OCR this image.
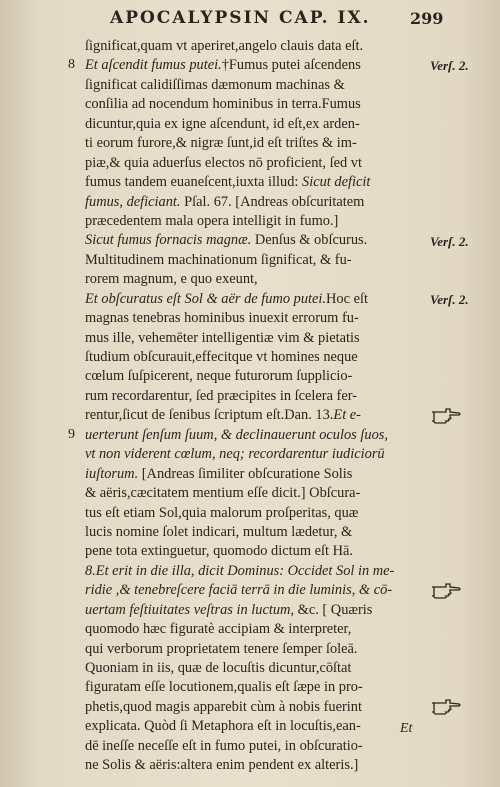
APOCALYPSIN CAP. IX. 299
ſignificat,quam vt aperiret,angelo clauis data eſt.
Et aſcendit fumus putei.†Fumus putei aſcendens
ſignificat calidiſſimas dæmonum machinas &
conſilia ad nocendum hominibus in terra.Fumus
dicuntur,quia ex igne aſcendunt, id eſt,ex arden-
ti eorum furore,& nigræ ſunt,id eſt triſtes & im-
piæ,& quia aduerſus electos nō proficient, ſed vt
fumus tandem euaneſcent,iuxta illud: Sicut deficit
fumus, deficiant. Pſal. 67. [Andreas obſcuritatem
præcedentem mala opera intelligit in fumo.]
Sicut fumus fornacis magnæ. Denſus & obſcurus.
Multitudinem machinationum ſignificat, & fu-
rorem magnum, e quo exeunt,
Et obſcuratus eſt Sol & aër de fumo putei.Hoc eſt
magnas tenebras hominibus inuexit errorum fu-
mus ille, vehemēter intelligentiæ vim & pietatis
ſtudium obſcurauit,effecitque vt homines neque
cœlum ſuſpicerent, neque futurorum ſupplicio-
rum recordarentur, ſed præcipites in ſcelera fer-
rentur,ſicut de ſenibus ſcriptum eſt.Dan. 13.Et e-
uerterunt ſenſum ſuum, & declinauerunt oculos ſuos,
vt non viderent cœlum, neq; recordarentur iudiciorū
iuſtorum. [Andreas ſimiliter obſcuratione Solis
& aëris,cæcitatem mentium eſſe dicit.] Obſcura-
tus eſt etiam Sol,quia malorum proſperitas, quæ
lucis nomine ſolet indicari, multum lædetur, &
pene tota extinguetur, quomodo dictum eſt Hā.
8.Et erit in die illa, dicit Dominus: Occidet Sol in me-
ridie ,& tenebreſcere faciā terrā in die luminis, & cō-
uertam feſtiuitates veſtras in luctum, &c. [ Quæris
quomodo hæc figuratè accipiam & interpreter,
qui verborum proprietatem tenere ſemper ſoleā.
Quoniam in iis, quæ de locuſtis dicuntur,cōſtat
figuratam eſſe locutionem,qualis eſt ſæpe in pro-
phetis,quod magis apparebit cùm à nobis fuerint
explicata. Quòd ſi Metaphora eſt in locuſtis,ean-
dē ineſſe neceſſe eſt in fumo putei, in obſcuratio-
ne Solis & aëris:altera enim pendent ex alteris.]
8
9
Verſ. 2.
Verſ. 2.
Verſ. 2.
Et
